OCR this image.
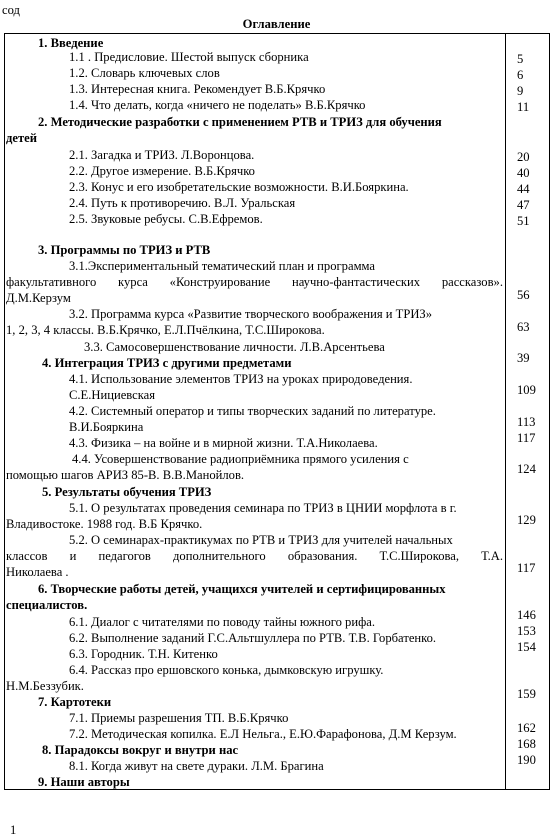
сод
Оглавление
1. Введение
1.1 . Предисловие. Шестой выпуск сборника
1.2. Словарь ключевых слов
1.3. Интересная книга. Рекомендует В.Б.Крячко
1.4. Что делать, когда «ничего не поделать» В.Б.Крячко
2. Методические разработки с применением РТВ и ТРИЗ для обучения
детей
2.1. Загадка и ТРИЗ. Л.Воронцова.
2.2. Другое измерение. В.Б.Крячко
2.3. Конус и его изобретательские возможности. В.И.Бояркина.
2.4. Путь к противоречию. В.Л. Уральская
2.5. Звуковые ребусы. С.В.Ефремов.
3. Программы по ТРИЗ и РТВ
3.1.Экспериментальный тематический план и программа
факультативного курса «Конструирование научно-фантастических рассказов».
Д.М.Керзум
3.2. Программа курса «Развитие творческого воображения и ТРИЗ»
1, 2, 3, 4 классы. В.Б.Крячко, Е.Л.Пчёлкина, Т.С.Широкова.
3.3. Самосовершенствование личности. Л.В.Арсентьева
4. Интеграция ТРИЗ с другими предметами
4.1. Использование элементов ТРИЗ на уроках природоведения.
С.Е.Нициевская
4.2. Системный оператор и типы творческих заданий по литературе.
В.И.Бояркина
4.3. Физика – на войне и в мирной жизни. Т.А.Николаева.
4.4. Усовершенствование радиоприёмника прямого усиления с
помощью шагов АРИЗ 85-В. В.В.Манойлов.
5. Результаты обучения ТРИЗ
5.1. О результатах проведения семинара по ТРИЗ в ЦНИИ морфлота в г.
Владивостоке. 1988 год. В.Б Крячко.
5.2. О семинарах-практикумах по РТВ и ТРИЗ для учителей начальных
классов и педагогов дополнительного образования. Т.С.Широкова, Т.А.
Николаева .
6. Творческие работы детей, учащихся учителей и сертифицированных
специалистов.
6.1. Диалог с читателями по поводу тайны южного рифа.
6.2. Выполнение заданий Г.С.Альтшуллера по РТВ. Т.В. Горбатенко.
6.3. Городник. Т.Н. Китенко
6.4. Рассказ про ершовского конька, дымковскую игрушку.
Н.М.Беззубик.
7. Картотеки
7.1. Приемы разрешения ТП. В.Б.Крячко
7.2. Методическая копилка. Е.Л Нельга., Е.Ю.Фарафонова, Д.М Керзум.
8. Парадоксы вокруг и внутри нас
8.1. Когда живут на свете дураки. Л.М. Брагина
9. Наши авторы
5
6
9
11
20
40
44
47
51
56
63
39
109
113
117
124
129
117
146
153
154
159
162
168
190
1
